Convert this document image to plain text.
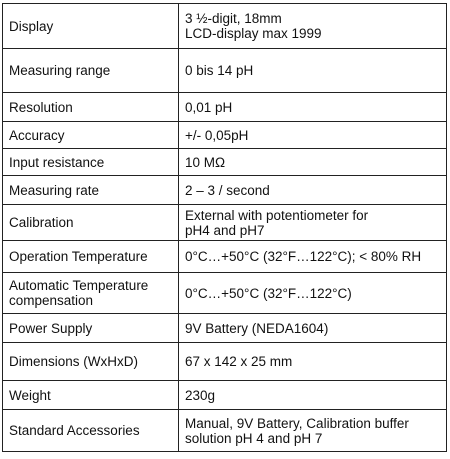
Display	3 ½-digit, 18mm
LCD-display max 1999

Measuring range	0 bis 14 pH

Resolution	0,01 pH

Accuracy	+/- 0,05pH

Input resistance	10 MΩ

Measuring rate	2 – 3 / second

Calibration	External with potentiometer for
pH4 and pH7

Operation Temperature	0°C…+50°C (32°F…122°C); < 80% RH

Automatic Temperature
compensation	0°C…+50°C (32°F…122°C)

Power Supply	9V Battery (NEDA1604)

Dimensions (WxHxD)	67 x 142 x 25 mm

Weight	230g

Standard Accessories	Manual, 9V Battery, Calibration buffer
solution pH 4 and pH 7
